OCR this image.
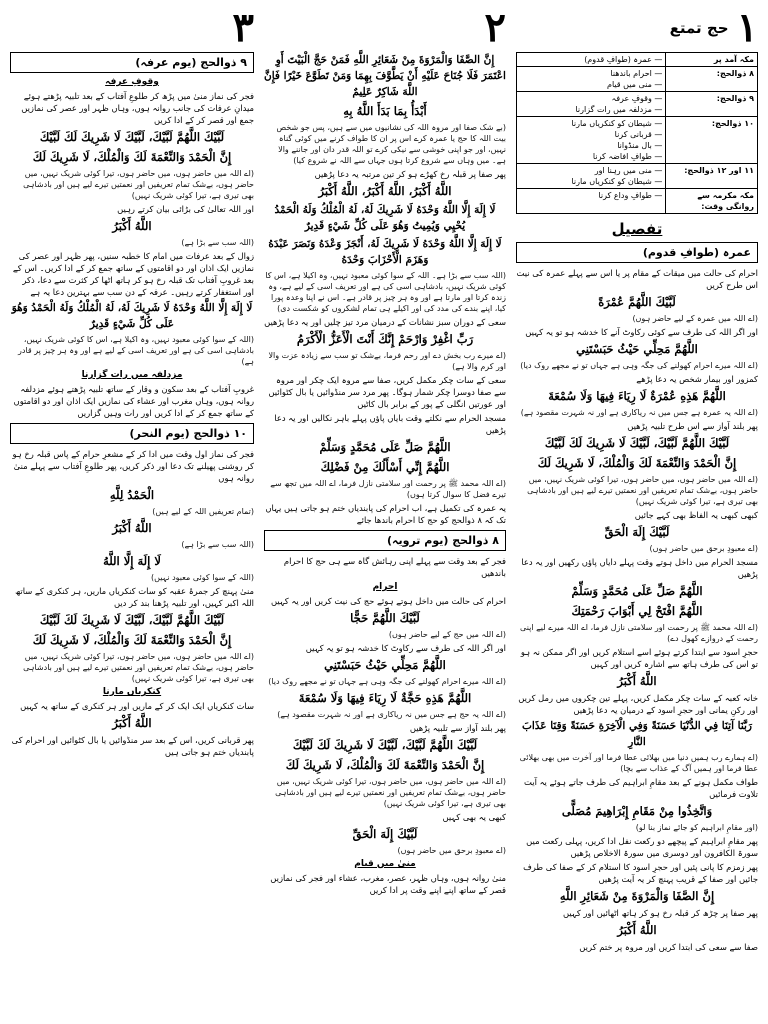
١
حج تمتع
مکہ آمد پر	— عمرہ (طوافِ قدوم)

۸ ذوالحج:	— احرام باندھنا
— منی میں قیام

۹ ذوالحج:	— وقوفِ عرفہ
— مزدلفہ میں رات گزارنا

۱۰ ذوالحج:	— شیطان کو کنکریاں مارنا
— قربانی کرنا
— بال منڈوانا
— طوافِ افاضہ کرنا

۱۱ اور ۱۲ ذوالحج:	— منی میں رہنا اور
— شیطان کو کنکریاں مارنا

مکہ مکرمہ سے روانگی وقت:	— طوافِ وداع کرنا
تفصیل
عمرہ (طوافِ قدوم)
احرام کی حالت میں میقات کے مقام پر یا اس سے پہلے عمرہ کی نیت اس طرح کریں
لَبَّيْكَ اللَّهُمَّ عُمْرَةً
(اے اللہ میں عمرہ کے لیے حاضر ہوں)
اور اگر اللہ کی طرف سے کوئی رکاوٹ آنے کا خدشہ ہو تو یہ کہیں
اللَّهُمَّ مَحِلِّي حَيْثُ حَبَسْتَنِي
(اے اللہ میرے احرام کھولنے کی جگہ وہی ہے جہاں تو نے مجھے روک دیا)
کمزور اور بیمار شخص یہ دعا پڑھے
اللَّهُمَّ هَذِهِ عُمْرَةٌ لَا رِيَاءَ فِيهَا وَلَا سُمْعَةَ
(اے اللہ یہ عمرہ ہے جس میں نہ ریاکاری ہے اور نہ شہرت مقصود ہے)
پھر بلند آواز سے اس طرح تلبیہ پڑھیں
لَبَّيْكَ اللَّهُمَّ لَبَّيْكَ، لَبَّيْكَ لَا شَرِيكَ لَكَ لَبَّيْكَ
إِنَّ الْحَمْدَ وَالنِّعْمَةَ لَكَ وَالْمُلْكَ، لَا شَرِيكَ لَكَ
(اے اللہ میں حاضر ہوں، میں حاضر ہوں، تیرا کوئی شریک نہیں، میں حاضر ہوں، بےشک تمام تعریفیں اور نعمتیں تیرے لیے ہیں اور بادشاہی بھی تیری ہے، تیرا کوئی شریک نہیں)
کبھی کبھی یہ الفاظ بھی کہے جائیں
لَبَّيْكَ إِلَهَ الْحَقِّ
(اے معبودِ برحق میں حاضر ہوں)
مسجد الحرام میں داخل ہوتے وقت پہلے دایاں پاؤں رکھیں اور یہ دعا پڑھیں
اللَّهُمَّ صَلِّ عَلَى مُحَمَّدٍ وَسَلِّمْ
اللَّهُمَّ افْتَحْ لِي أَبْوَابَ رَحْمَتِكَ
(اے اللہ محمد ﷺ پر رحمت اور سلامتی نازل فرما، اے اللہ میرے لیے اپنی رحمت کے دروازے کھول دے)
حجرِ اسود سے ابتدا کرتے ہوئے اسے استلام کریں اور اگر ممکن نہ ہو تو اس کی طرف ہاتھ سے اشارہ کریں اور کہیں
اللَّهُ أَكْبَرُ
خانہ کعبہ کے سات چکر مکمل کریں، پہلے تین چکروں میں رمل کریں اور رکنِ یمانی اور حجرِ اسود کے درمیان یہ دعا پڑھیں
رَبَّنَا آتِنَا فِي الدُّنْيَا حَسَنَةً وَفِي الْآخِرَةِ حَسَنَةً وَقِنَا عَذَابَ النَّارِ
(اے ہمارے رب ہمیں دنیا میں بھلائی عطا فرما اور آخرت میں بھی بھلائی عطا فرما اور ہمیں آگ کے عذاب سے بچا)
طواف مکمل ہونے کے بعد مقامِ ابراہیم کی طرف جاتے ہوئے یہ آیت تلاوت فرمائیں
وَاتَّخِذُوا مِنْ مَقَامِ إِبْرَاهِيمَ مُصَلًّى
(اور مقامِ ابراہیم کو جائے نماز بنا لو)
پھر مقامِ ابراہیم کے پیچھے دو رکعت نفل ادا کریں، پہلی رکعت میں سورۃ الکافرون اور دوسری میں سورۃ الاخلاص پڑھیں
پھر زمزم کا پانی پئیں اور حجرِ اسود کا استلام کر کے صفا کی طرف جائیں اور صفا کے قریب پہنچ کر یہ آیت پڑھیں
إِنَّ الصَّفَا وَالْمَرْوَةَ مِنْ شَعَائِرِ اللَّهِ
پھر صفا پر چڑھ کر قبلہ رخ ہو کر ہاتھ اٹھائیں اور کہیں
اللَّهُ أَكْبَرُ
صفا سے سعی کی ابتدا کریں اور مروہ پر ختم کریں
٢
إِنَّ الصَّفَا وَالْمَرْوَةَ مِنْ شَعَائِرِ اللَّهِ فَمَنْ حَجَّ الْبَيْتَ أَوِ اعْتَمَرَ فَلَا جُنَاحَ عَلَيْهِ أَنْ يَطَّوَّفَ بِهِمَا وَمَنْ تَطَوَّعَ خَيْرًا فَإِنَّ اللَّهَ شَاكِرٌ عَلِيمٌ
أَبْدَأُ بِمَا بَدَأَ اللَّهُ بِهِ
(بے شک صفا اور مروہ اللہ کی نشانیوں میں سے ہیں، پس جو شخص بیت اللہ کا حج یا عمرہ کرے اس پر ان کا طواف کرنے میں کوئی گناہ نہیں، اور جو اپنی خوشی سے نیکی کرے تو اللہ قدر دان اور جاننے والا ہے۔ میں وہاں سے شروع کرتا ہوں جہاں سے اللہ نے شروع کیا)
پھر صفا پر قبلہ رخ کھڑے ہو کر تین مرتبہ یہ دعا پڑھیں
اللَّهُ أَكْبَرُ، اللَّهُ أَكْبَرُ، اللَّهُ أَكْبَرُ
لَا إِلَهَ إِلَّا اللَّهُ وَحْدَهُ لَا شَرِيكَ لَهُ، لَهُ الْمُلْكُ وَلَهُ الْحَمْدُ يُحْيِي وَيُمِيتُ وَهُوَ عَلَى كُلِّ شَيْءٍ قَدِيرٌ
لَا إِلَهَ إِلَّا اللَّهُ وَحْدَهُ لَا شَرِيكَ لَهُ، أَنْجَزَ وَعْدَهُ وَنَصَرَ عَبْدَهُ وَهَزَمَ الْأَحْزَابَ وَحْدَهُ
(اللہ سب سے بڑا ہے۔ اللہ کے سوا کوئی معبود نہیں، وہ اکیلا ہے، اس کا کوئی شریک نہیں، بادشاہی اسی کی ہے اور تعریف اسی کے لیے ہے، وہ زندہ کرتا اور مارتا ہے اور وہ ہر چیز پر قادر ہے۔ اس نے اپنا وعدہ پورا کیا، اپنے بندے کی مدد کی اور اکیلے ہی تمام لشکروں کو شکست دی)
سعی کے دوران سبز نشانات کے درمیان مرد تیز چلیں اور یہ دعا پڑھیں
رَبِّ اغْفِرْ وَارْحَمْ إِنَّكَ أَنْتَ الْأَعَزُّ الْأَكْرَمُ
(اے میرے رب بخش دے اور رحم فرما، بےشک تو سب سے زیادہ عزت والا اور کرم والا ہے)
سعی کے سات چکر مکمل کریں، صفا سے مروہ ایک چکر اور مروہ سے صفا دوسرا چکر شمار ہوگا۔ پھر مرد سر منڈوائیں یا بال کٹوائیں اور عورتیں انگلی کے پور کے برابر بال کاٹیں
مسجد الحرام سے نکلتے وقت بایاں پاؤں پہلے باہر نکالیں اور یہ دعا پڑھیں
اللَّهُمَّ صَلِّ عَلَى مُحَمَّدٍ وَسَلِّمْ
اللَّهُمَّ إِنِّي أَسْأَلُكَ مِنْ فَضْلِكَ
(اے اللہ محمد ﷺ پر رحمت اور سلامتی نازل فرما، اے اللہ میں تجھ سے تیرے فضل کا سوال کرتا ہوں)
یہ عمرہ کی تکمیل ہے، اب احرام کی پابندیاں ختم ہو جاتی ہیں یہاں تک کہ ۸ ذوالحج کو حج کا احرام باندھا جائے
۸ ذوالحج (یوم ترویہ)
فجر کے بعد وقت سے پہلے اپنی رہائش گاہ سے ہی حج کا احرام باندھیں
احرام
احرام کی حالت میں داخل ہوتے ہوئے حج کی نیت کریں اور یہ کہیں
لَبَّيْكَ اللَّهُمَّ حَجًّا
(اے اللہ میں حج کے لیے حاضر ہوں)
اور اگر اللہ کی طرف سے رکاوٹ کا خدشہ ہو تو یہ کہیں
اللَّهُمَّ مَحِلِّي حَيْثُ حَبَسْتَنِي
(اے اللہ میرے احرام کھولنے کی جگہ وہی ہے جہاں تو نے مجھے روک دیا)
اللَّهُمَّ هَذِهِ حَجَّةٌ لَا رِيَاءَ فِيهَا وَلَا سُمْعَةَ
(اے اللہ یہ حج ہے جس میں نہ ریاکاری ہے اور نہ شہرت مقصود ہے)
پھر بلند آواز سے تلبیہ پڑھیں
لَبَّيْكَ اللَّهُمَّ لَبَّيْكَ، لَبَّيْكَ لَا شَرِيكَ لَكَ لَبَّيْكَ
إِنَّ الْحَمْدَ وَالنِّعْمَةَ لَكَ وَالْمُلْكَ، لَا شَرِيكَ لَكَ
(اے اللہ میں حاضر ہوں، میں حاضر ہوں، تیرا کوئی شریک نہیں، میں حاضر ہوں، بےشک تمام تعریفیں اور نعمتیں تیرے لیے ہیں اور بادشاہی بھی تیری ہے، تیرا کوئی شریک نہیں)
کبھی یہ بھی کہیں
لَبَّيْكَ إِلَهَ الْحَقِّ
(اے معبودِ برحق میں حاضر ہوں)
منیٰ میں قیام
منیٰ روانہ ہوں، وہاں ظہر، عصر، مغرب، عشاء اور فجر کی نمازیں قصر کے ساتھ اپنے اپنے وقت پر ادا کریں
٣
۹ ذوالحج (یوم عرفہ)
وقوفِ عرفہ
فجر کی نماز منیٰ میں پڑھ کر طلوعِ آفتاب کے بعد تلبیہ پڑھتے ہوئے میدانِ عرفات کی جانب روانہ ہوں، وہاں ظہر اور عصر کی نمازیں جمع اور قصر کر کے ادا کریں
لَبَّيْكَ اللَّهُمَّ لَبَّيْكَ، لَبَّيْكَ لَا شَرِيكَ لَكَ لَبَّيْكَ
إِنَّ الْحَمْدَ وَالنِّعْمَةَ لَكَ وَالْمُلْكَ، لَا شَرِيكَ لَكَ
(اے اللہ میں حاضر ہوں، میں حاضر ہوں، تیرا کوئی شریک نہیں، میں حاضر ہوں، بےشک تمام تعریفیں اور نعمتیں تیرے لیے ہیں اور بادشاہی بھی تیری ہے، تیرا کوئی شریک نہیں)
اور اللہ تعالیٰ کی بڑائی بیان کرتے رہیں
اللَّهُ أَكْبَرُ
(اللہ سب سے بڑا ہے)
زوال کے بعد عرفات میں امام کا خطبہ سنیں، پھر ظہر اور عصر کی نمازیں ایک اذان اور دو اقامتوں کے ساتھ جمع کر کے ادا کریں۔ اس کے بعد غروبِ آفتاب تک قبلہ رخ ہو کر ہاتھ اٹھا کر کثرت سے دعا، ذکر اور استغفار کرتے رہیں۔ عرفہ کے دن سب سے بہترین دعا یہ ہے
لَا إِلَهَ إِلَّا اللَّهُ وَحْدَهُ لَا شَرِيكَ لَهُ، لَهُ الْمُلْكُ وَلَهُ الْحَمْدُ وَهُوَ عَلَى كُلِّ شَيْءٍ قَدِيرٌ
(اللہ کے سوا کوئی معبود نہیں، وہ اکیلا ہے، اس کا کوئی شریک نہیں، بادشاہی اسی کی ہے اور تعریف اسی کے لیے ہے اور وہ ہر چیز پر قادر ہے)
مزدلفہ میں رات گزارنا
غروبِ آفتاب کے بعد سکون و وقار کے ساتھ تلبیہ پڑھتے ہوئے مزدلفہ روانہ ہوں، وہاں مغرب اور عشاء کی نمازیں ایک اذان اور دو اقامتوں کے ساتھ جمع کر کے ادا کریں اور رات وہیں گزاریں
۱۰ ذوالحج (یوم النحر)
فجر کی نماز اول وقت میں ادا کر کے مشعرِ حرام کے پاس قبلہ رخ ہو کر روشنی پھیلنے تک دعا اور ذکر کریں، پھر طلوعِ آفتاب سے پہلے منیٰ روانہ ہوں
الْحَمْدُ لِلَّهِ
(تمام تعریفیں اللہ کے لیے ہیں)
اللَّهُ أَكْبَرُ
(اللہ سب سے بڑا ہے)
لَا إِلَهَ إِلَّا اللَّهُ
(اللہ کے سوا کوئی معبود نہیں)
منیٰ پہنچ کر جمرۂ عقبہ کو سات کنکریاں ماریں، ہر کنکری کے ساتھ اللہ اکبر کہیں، اور تلبیہ پڑھنا بند کر دیں
لَبَّيْكَ اللَّهُمَّ لَبَّيْكَ، لَبَّيْكَ لَا شَرِيكَ لَكَ لَبَّيْكَ
إِنَّ الْحَمْدَ وَالنِّعْمَةَ لَكَ وَالْمُلْكَ، لَا شَرِيكَ لَكَ
(اے اللہ میں حاضر ہوں، میں حاضر ہوں، تیرا کوئی شریک نہیں، میں حاضر ہوں، بےشک تمام تعریفیں اور نعمتیں تیرے لیے ہیں اور بادشاہی بھی تیری ہے، تیرا کوئی شریک نہیں)
کنکریاں مارنا
سات کنکریاں ایک ایک کر کے ماریں اور ہر کنکری کے ساتھ یہ کہیں
اللَّهُ أَكْبَرُ
پھر قربانی کریں، اس کے بعد سر منڈوائیں یا بال کٹوائیں اور احرام کی پابندیاں ختم ہو جاتی ہیں
